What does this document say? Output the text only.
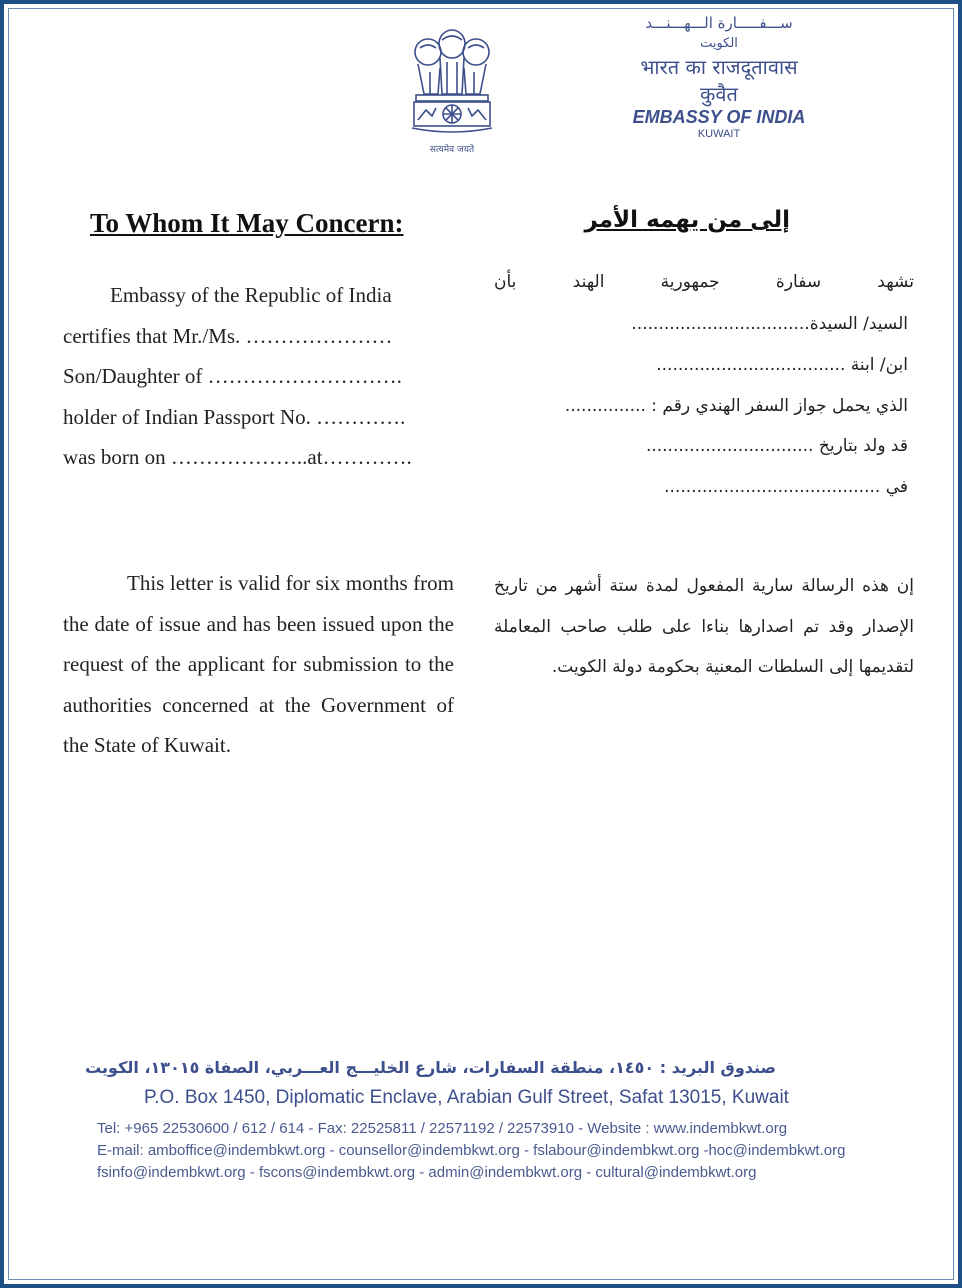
सत्यमेव जयते
ســـفـــــارة الـــهـــنـــد
الكويت
भारत का राजदूतावास
कुवैत
EMBASSY OF INDIA
KUWAIT
To Whom It May Concern:	إلى من يهمه الأمر
Embassy of the Republic of India
certifies that Mr./Ms. …………………
Son/Daughter of ……………………….
holder of Indian Passport No. ………….
was born on ………………..at………….
تشهد
سفارة
جمهورية
الهند
بأن
السيد/ السيدة.................................
ابن/ ابنة ...................................
الذي يحمل جواز السفر الهندي رقم : ...............
قد ولد بتاريخ ...............................
في ........................................
This letter is valid for six months from the date of issue and has been issued upon the request of the applicant for submission to the authorities concerned at the Government of the State of Kuwait.
إن هذه الرسالة سارية المفعول لمدة ستة أشهر من تاريخ الإصدار وقد تم اصدارها بناءا على طلب صاحب المعاملة لتقديمها إلى السلطات المعنية بحكومة دولة الكويت.
صندوق البريد : ١٤٥٠، منطقة السفارات، شارع الخليـــج العـــربي، الصفاة ١٣٠١٥، الكويت
P.O. Box 1450, Diplomatic Enclave, Arabian Gulf Street, Safat 13015, Kuwait
Tel: +965 22530600 / 612 / 614 - Fax: 22525811 / 22571192 / 22573910 - Website : www.indembkwt.org
E-mail: amboffice@indembkwt.org - counsellor@indembkwt.org - fslabour@indembkwt.org -hoc@indembkwt.org
fsinfo@indembkwt.org - fscons@indembkwt.org - admin@indembkwt.org - cultural@indembkwt.org
